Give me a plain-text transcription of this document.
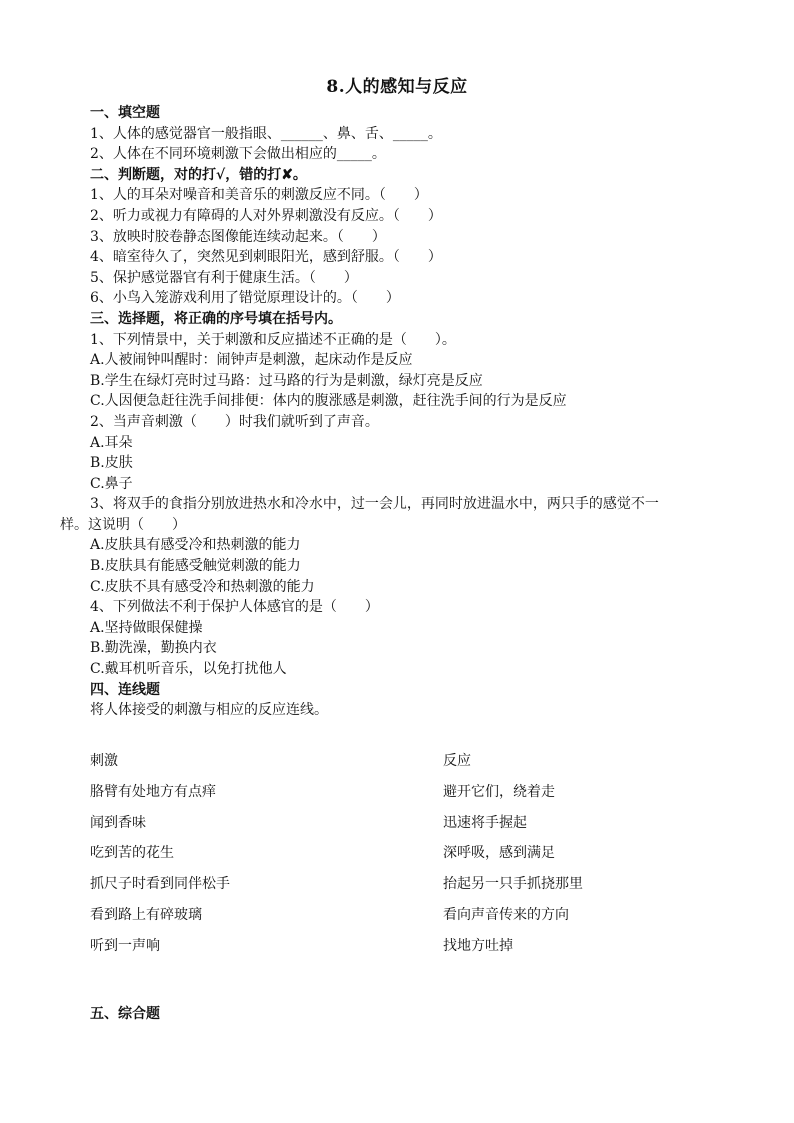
8.人的感知与反应
一、填空题
1、人体的感觉器官一般指眼、______、鼻、舌、_____。
2、人体在不同环境刺激下会做出相应的_____。
二、判断题，对的打√，错的打✘。
1、人的耳朵对噪音和美音乐的刺激反应不同。（　　）
2、听力或视力有障碍的人对外界刺激没有反应。（　　）
3、放映时胶卷静态图像能连续动起来。（　　）
4、暗室待久了，突然见到刺眼阳光，感到舒服。（　　）
5、保护感觉器官有利于健康生活。（　　）
6、小鸟入笼游戏利用了错觉原理设计的。（　　）
三、选择题，将正确的序号填在括号内。
1、下列情景中，关于刺激和反应描述不正确的是（　　）。
A.人被闹钟叫醒时：闹钟声是刺激，起床动作是反应
B.学生在绿灯亮时过马路：过马路的行为是刺激，绿灯亮是反应
C.人因便急赶往洗手间排便：体内的腹涨感是刺激，赶往洗手间的行为是反应
2、当声音刺激（　　）时我们就听到了声音。
A.耳朵
B.皮肤
C.鼻子
3、将双手的食指分别放进热水和冷水中，过一会儿，再同时放进温水中，两只手的感觉不一
样。这说明（　　）
A.皮肤具有感受冷和热刺激的能力
B.皮肤具有能感受触觉刺激的能力
C.皮肤不具有感受冷和热刺激的能力
4、下列做法不利于保护人体感官的是（　　）
A.坚持做眼保健操
B.勤洗澡，勤换内衣
C.戴耳机听音乐，以免打扰他人
四、连线题
将人体接受的刺激与相应的反应连线。
刺激	反应
胳臂有处地方有点痒	避开它们，绕着走
闻到香味	迅速将手握起
吃到苦的花生	深呼吸，感到满足
抓尺子时看到同伴松手	抬起另一只手抓挠那里
看到路上有碎玻璃	看向声音传来的方向
听到一声响	找地方吐掉
五、综合题
